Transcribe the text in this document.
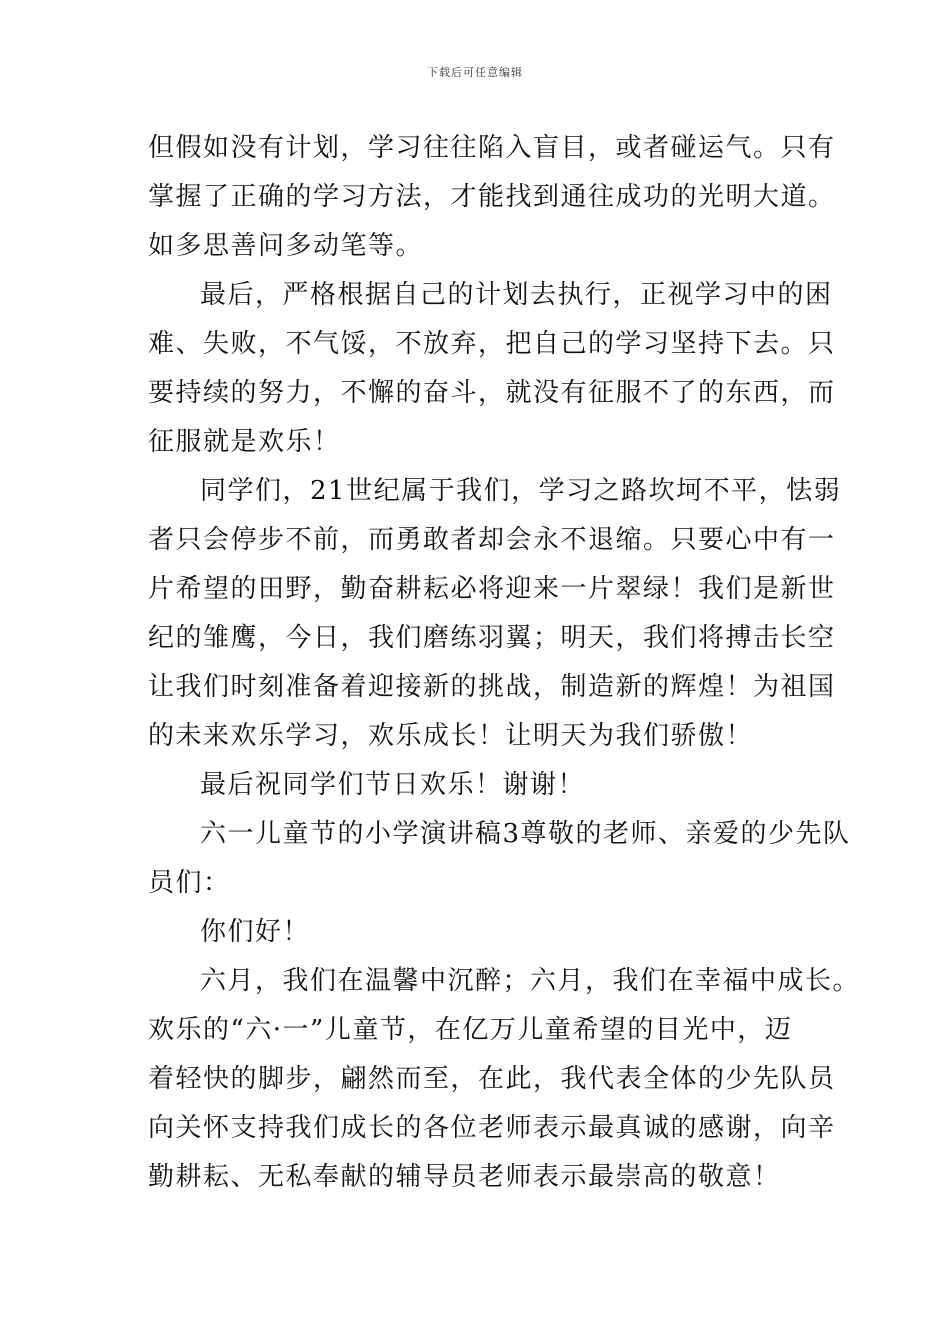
下载后可任意编辑
但假如没有计划，学习往往陷入盲目，或者碰运气。只有
掌握了正确的学习方法，才能找到通往成功的光明大道。
如多思善问多动笔等。
最后，严格根据自己的计划去执行，正视学习中的困
难、失败，不气馁，不放弃，把自己的学习坚持下去。只
要持续的努力，不懈的奋斗，就没有征服不了的东西，而
征服就是欢乐！
同学们，21世纪属于我们，学习之路坎坷不平，怯弱
者只会停步不前，而勇敢者却会永不退缩。只要心中有一
片希望的田野，勤奋耕耘必将迎来一片翠绿！我们是新世
纪的雏鹰，今日，我们磨练羽翼；明天，我们将搏击长空
让我们时刻准备着迎接新的挑战，制造新的辉煌！为祖国
的未来欢乐学习，欢乐成长！让明天为我们骄傲！
最后祝同学们节日欢乐！谢谢！
六一儿童节的小学演讲稿3尊敬的老师、亲爱的少先队
员们：
你们好！
六月，我们在温馨中沉醉；六月，我们在幸福中成长。
欢乐的“六·一”儿童节，在亿万儿童希望的目光中，迈
着轻快的脚步，翩然而至，在此，我代表全体的少先队员
向关怀支持我们成长的各位老师表示最真诚的感谢，向辛
勤耕耘、无私奉献的辅导员老师表示最崇高的敬意！
